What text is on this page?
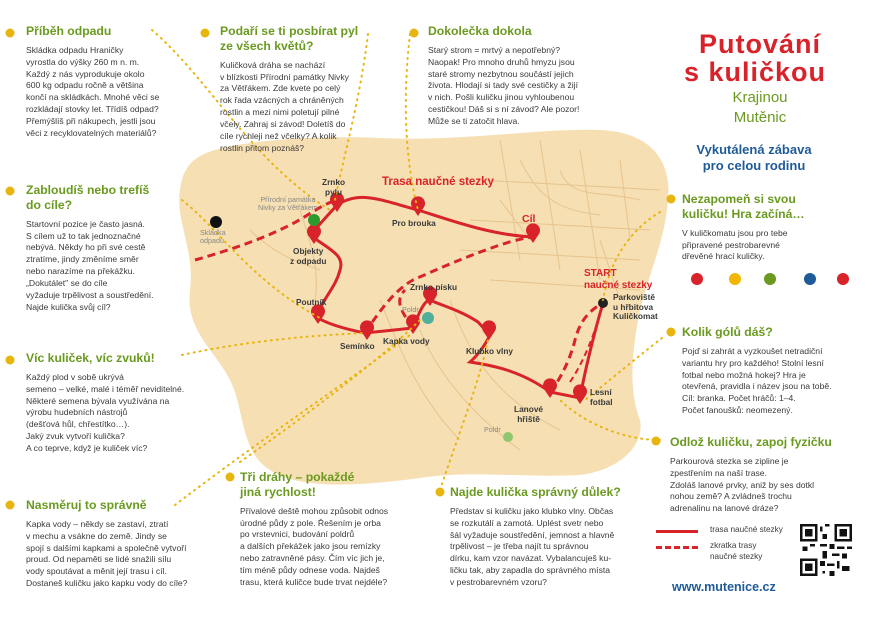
Příběh odpadu

Skládka odpadu Hraničky
vyrostla do výšky 260 m n. m.
Každý z nás vyprodukuje okolo
600 kg odpadu ročně a většina
končí na skládkách. Mnohé věci se
rozkládají stovky let. Třídíš odpad?
Přemýšlíš při nákupech, jestli jsou
věci z recyklovatelných materiálů?

Podaří se ti posbírat pyl
ze všech květů?

Kuličková dráha se nachází
v blízkosti Přírodní památky Nivky
za Větřákem. Zde kvete po celý
rok řada vzácných a chráněných
rostlin a mezi nimi poletují pilné
včely. Zahraj si závod! Doletíš do
cíle rychleji než včelky? A kolik
rostlin přitom poznáš?

Dokolečka dokola

Starý strom = mrtvý a nepotřebný?
Naopak! Pro mnoho druhů hmyzu jsou
staré stromy nezbytnou součástí jejich
života. Hlodají si tady své cestičky a žijí
v nich. Pošli kuličku jinou vyhloubenou
cestičkou! Dáš si s ní závod? Ale pozor!
Může se ti zatočit hlava.

Zabloudíš nebo trefíš
do cíle?

Startovní pozice je často jasná.
S cílem už to tak jednoznačné
nebývá. Někdy ho při své cestě
ztratíme, jindy změníme směr
nebo narazíme na překážku.
„Dokutálet" se do cíle
vyžaduje trpělivost a soustředění.
Najde kulička svůj cíl?

Nezapomeň si svou
kuličku! Hra začíná…

V kuličkomatu jsou pro tebe
připravené pestrobarevné
dřevěné hrací kuličky.

Víc kuliček, víc zvuků!

Každý plod v sobě ukrývá
semeno – velké, malé i téměř neviditelné.
Některé semena bývala využívána na
výrobu hudebních nástrojů
(dešťová hůl, chřestítko…).
Jaký zvuk vytvoří kulička?
A co teprve, když je kuliček víc?

Kolik gólů dáš?

Pojď si zahrát a vyzkoušet netradiční
variantu hry pro každého! Stolní lesní
fotbal nebo možná hokej? Hra je
otevřená, pravidla i název jsou na tobě.
Cíl: branka. Počet hráčů: 1–4.
Počet fanoušků: neomezený.

Odlož kuličku, zapoj fyzičku

Parkourová stezka se zipline je
zpestřením na naší trase.
Zdoláš lanové prvky, aniž by ses dotkl
nohou země? A zvládneš trochu
adrenalinu na lanové dráze?

Nasměruj to správně

Kapka vody – někdy se zastaví, ztratí
v mechu a vsákne do země. Jindy se
spojí s dalšími kapkami a společně vytvoří
proud. Od nepaměti se lidé snažili sílu
vody spoutávat a měnit její trasu i cíl.
Dostaneš kuličku jako kapku vody do cíle?

Tři dráhy – pokaždé
jiná rychlost!

Přívalové deště mohou způsobit odnos
úrodné půdy z pole. Řešením je orba
po vrstevnici, budování poldrů
a dalších překážek jako jsou remízky
nebo zatravněné pásy. Čím víc jich je,
tím méně půdy odnese voda. Najdeš
trasu, která kuličce bude trvat nejdéle?

Najde kulička správný důlek?

Představ si kuličku jako klubko vlny. Občas
se rozkutálí a zamotá. Uplést svetr nebo
šál vyžaduje soustředění, jemnost a hlavně
trpělivost – je třeba najít tu správnou
dírku, kam vzor navázat. Vybalancuješ ku-
ličku tak, aby zapadla do správného místa
v pestrobarevném vzoru?

Putování
s kuličkou
Krajinou
Mutěnic
Vykutálená zábava
pro celou rodinu
Trasa naučné stezky
Cíl
START
naučné stezky
Zrnko
pylu
Pro brouka
Objekty
z odpadu
Poutník
Semínko Kapka vody
Zrnko písku
Klubko vlny
Lanové
hřiště
Lesní
fotbal
Parkoviště
u hřbitova
Kuličkomat
Přírodní památka
Nivky za Větřákem
Skládka
odpadu
Poldr
Poldr
trasa naučné stezky
zkratka trasy
naučné stezky
www.mutenice.cz
